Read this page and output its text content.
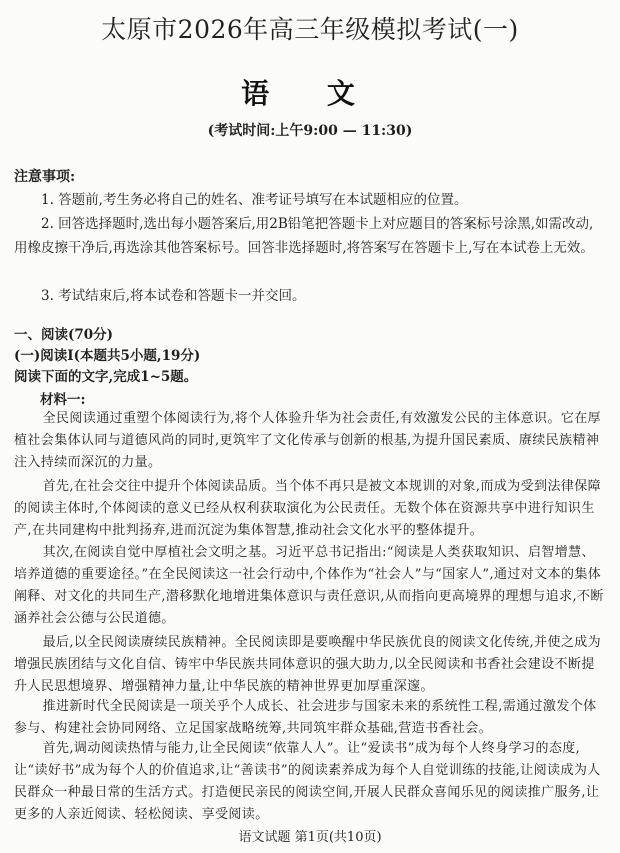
太原市2026年高三年级模拟考试(一)
语 文
(考试时间:上午9:00 — 11:30)
注意事项:

1. 答题前,考生务必将自己的姓名、准考证号填写在本试题相应的位置。

2. 回答选择题时,选出每小题答案后,用2B铅笔把答题卡上对应题目的答案标号涂黑,如需改动,用橡皮擦干净后,再选涂其他答案标号。回答非选择题时,将答案写在答题卡上,写在本试卷上无效。

3. 考试结束后,将本试卷和答题卡一并交回。

一、阅读(70分)
(一)阅读Ⅰ(本题共5小题,19分)
阅读下面的文字,完成1~5题。
材料一:

全民阅读通过重塑个体阅读行为,将个人体验升华为社会责任,有效激发公民的主体意识。它在厚植社会集体认同与道德风尚的同时,更筑牢了文化传承与创新的根基,为提升国民素质、赓续民族精神注入持续而深沉的力量。

首先,在社会交往中提升个体阅读品质。当个体不再只是被文本规训的对象,而成为受到法律保障的阅读主体时,个体阅读的意义已经从权利获取演化为公民责任。无数个体在资源共享中进行知识生产,在共同建构中批判扬弃,进而沉淀为集体智慧,推动社会文化水平的整体提升。

其次,在阅读自觉中厚植社会文明之基。习近平总书记指出:“阅读是人类获取知识、启智增慧、培养道德的重要途径。”在全民阅读这一社会行动中,个体作为“社会人”与“国家人”,通过对文本的集体阐释、对文化的共同生产,潜移默化地增进集体意识与责任意识,从而指向更高境界的理想与追求,不断涵养社会公德与公民道德。

最后,以全民阅读赓续民族精神。全民阅读即是要唤醒中华民族优良的阅读文化传统,并使之成为增强民族团结与文化自信、铸牢中华民族共同体意识的强大助力,以全民阅读和书香社会建设不断提升人民思想境界、增强精神力量,让中华民族的精神世界更加厚重深邃。

推进新时代全民阅读是一项关乎个人成长、社会进步与国家未来的系统性工程,需通过激发个体参与、构建社会协同网络、立足国家战略统筹,共同筑牢群众基础,营造书香社会。

首先,调动阅读热情与能力,让全民阅读“依靠人人”。让“爱读书”成为每个人终身学习的态度,让“读好书”成为每个人的价值追求,让“善读书”的阅读素养成为每个人自觉训练的技能,让阅读成为人民群众一种最日常的生活方式。打造便民亲民的阅读空间,开展人民群众喜闻乐见的阅读推广服务,让更多的人亲近阅读、轻松阅读、享受阅读。

语文试题 第1页(共10页)
